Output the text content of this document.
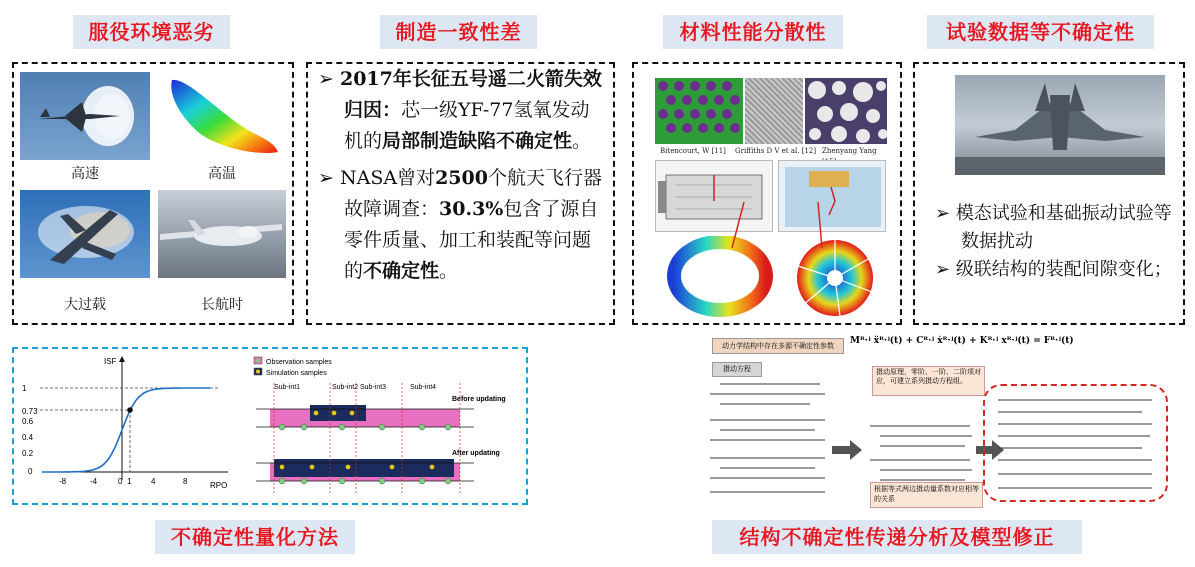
服役环境恶劣	制造一致性差	材料性能分散性	试验数据等不确定性
高速	高温
大过载	长航时

➢ 2017年长征五号遥二火箭失效归因：芯一级YF-77氢氧发动机的局部制造缺陷不确定性。

➢ NASA曾对2500个航天飞行器故障调查：30.3%包含了源自零件质量、加工和装配等问题的不确定性。

Bitencourt, W [11]	Griffiths D V et al. [12] Zhenyang Yang

➢ 模态试验和基础振动试验等数据扰动

➢ 级联结构的装配间隙变化；

ISF
RPO
1
0.73
0.6
0.4
0.2
0
-8	-4	0 1 4	8
Observation samples
Simulation samples
Sub-int1	Sub-int2 Sub-int3	Sub-int4
Before updating
After updating
不确定性量化方法
动力学结构中存在多源不确定性参数	Mᴿ·ʲ ẍᴿ·ʲ(t) + Cᴿ·ʲ ẋᴿ·ʲ(t) + Kᴿ·ʲ xᴿ·ʲ(t) = Fᴿ·ʲ(t)
摄动方程	摄动原理，零阶、一阶、二阶项对应，可建立系列摄动方程组。
根据等式两边摄动量系数对应相等的关系
结构不确定性传递分析及模型修正
